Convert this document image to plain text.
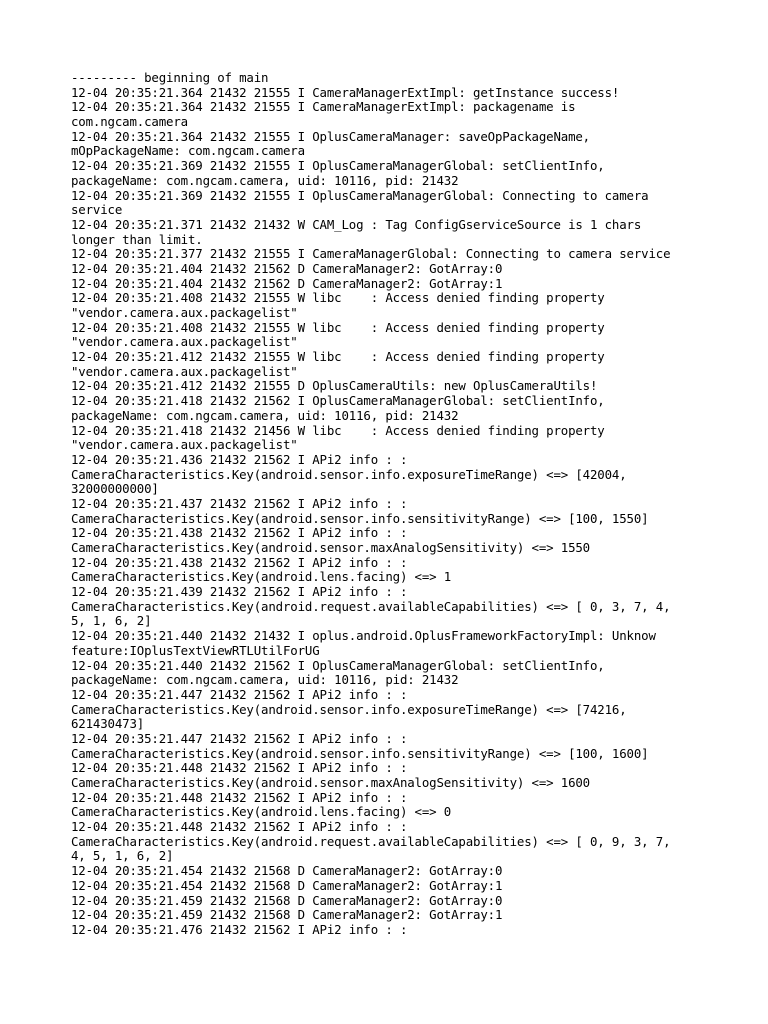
--------- beginning of main
12-04 20:35:21.364 21432 21555 I CameraManagerExtImpl: getInstance success!
12-04 20:35:21.364 21432 21555 I CameraManagerExtImpl: packagename is
com.ngcam.camera
12-04 20:35:21.364 21432 21555 I OplusCameraManager: saveOpPackageName,
mOpPackageName: com.ngcam.camera
12-04 20:35:21.369 21432 21555 I OplusCameraManagerGlobal: setClientInfo,
packageName: com.ngcam.camera, uid: 10116, pid: 21432
12-04 20:35:21.369 21432 21555 I OplusCameraManagerGlobal: Connecting to camera
service
12-04 20:35:21.371 21432 21432 W CAM_Log : Tag ConfigGserviceSource is 1 chars
longer than limit.
12-04 20:35:21.377 21432 21555 I CameraManagerGlobal: Connecting to camera service
12-04 20:35:21.404 21432 21562 D CameraManager2: GotArray:0
12-04 20:35:21.404 21432 21562 D CameraManager2: GotArray:1
12-04 20:35:21.408 21432 21555 W libc    : Access denied finding property
"vendor.camera.aux.packagelist"
12-04 20:35:21.408 21432 21555 W libc    : Access denied finding property
"vendor.camera.aux.packagelist"
12-04 20:35:21.412 21432 21555 W libc    : Access denied finding property
"vendor.camera.aux.packagelist"
12-04 20:35:21.412 21432 21555 D OplusCameraUtils: new OplusCameraUtils!
12-04 20:35:21.418 21432 21562 I OplusCameraManagerGlobal: setClientInfo,
packageName: com.ngcam.camera, uid: 10116, pid: 21432
12-04 20:35:21.418 21432 21456 W libc    : Access denied finding property
"vendor.camera.aux.packagelist"
12-04 20:35:21.436 21432 21562 I APi2 info : :
CameraCharacteristics.Key(android.sensor.info.exposureTimeRange) <=> [42004,
32000000000]
12-04 20:35:21.437 21432 21562 I APi2 info : :
CameraCharacteristics.Key(android.sensor.info.sensitivityRange) <=> [100, 1550]
12-04 20:35:21.438 21432 21562 I APi2 info : :
CameraCharacteristics.Key(android.sensor.maxAnalogSensitivity) <=> 1550
12-04 20:35:21.438 21432 21562 I APi2 info : :
CameraCharacteristics.Key(android.lens.facing) <=> 1
12-04 20:35:21.439 21432 21562 I APi2 info : :
CameraCharacteristics.Key(android.request.availableCapabilities) <=> [ 0, 3, 7, 4,
5, 1, 6, 2]
12-04 20:35:21.440 21432 21432 I oplus.android.OplusFrameworkFactoryImpl: Unknow
feature:IOplusTextViewRTLUtilForUG
12-04 20:35:21.440 21432 21562 I OplusCameraManagerGlobal: setClientInfo,
packageName: com.ngcam.camera, uid: 10116, pid: 21432
12-04 20:35:21.447 21432 21562 I APi2 info : :
CameraCharacteristics.Key(android.sensor.info.exposureTimeRange) <=> [74216,
621430473]
12-04 20:35:21.447 21432 21562 I APi2 info : :
CameraCharacteristics.Key(android.sensor.info.sensitivityRange) <=> [100, 1600]
12-04 20:35:21.448 21432 21562 I APi2 info : :
CameraCharacteristics.Key(android.sensor.maxAnalogSensitivity) <=> 1600
12-04 20:35:21.448 21432 21562 I APi2 info : :
CameraCharacteristics.Key(android.lens.facing) <=> 0
12-04 20:35:21.448 21432 21562 I APi2 info : :
CameraCharacteristics.Key(android.request.availableCapabilities) <=> [ 0, 9, 3, 7,
4, 5, 1, 6, 2]
12-04 20:35:21.454 21432 21568 D CameraManager2: GotArray:0
12-04 20:35:21.454 21432 21568 D CameraManager2: GotArray:1
12-04 20:35:21.459 21432 21568 D CameraManager2: GotArray:0
12-04 20:35:21.459 21432 21568 D CameraManager2: GotArray:1
12-04 20:35:21.476 21432 21562 I APi2 info : :
